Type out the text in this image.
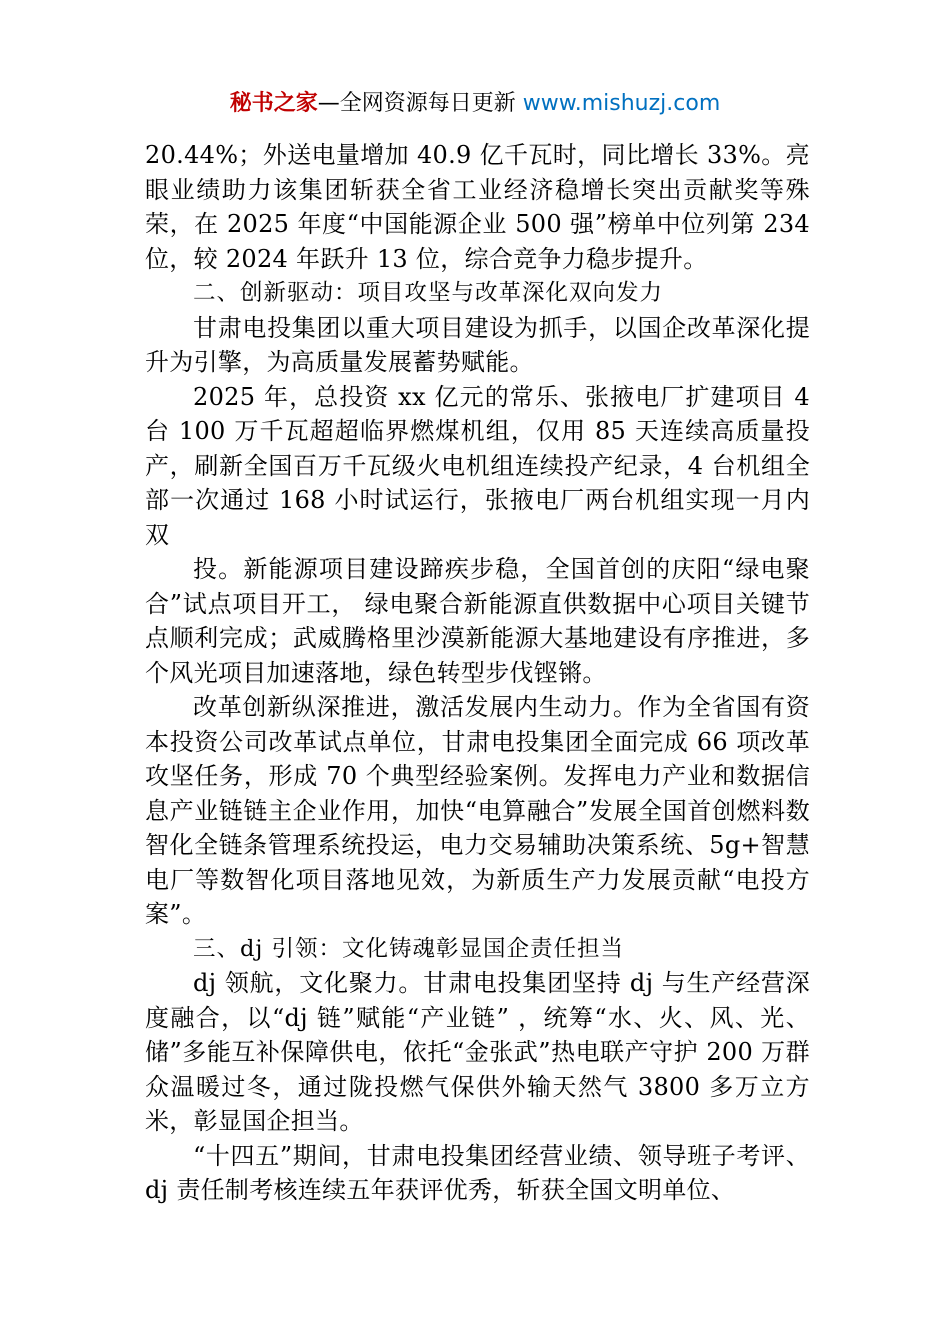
秘书之家—全网资源每日更新 www.mishuzj.com

20.44%；外送电量增加 40.9 亿千瓦时，同比增长 33%。亮眼业绩助力该集团斩获全省工业经济稳增长突出贡献奖等殊荣，在 2025 年度“中国能源企业 500 强”榜单中位列第 234 位，较 2024 年跃升 13 位，综合竞争力稳步提升。

二、创新驱动：项目攻坚与改革深化双向发力

甘肃电投集团以重大项目建设为抓手，以国企改革深化提升为引擎，为高质量发展蓄势赋能。

2025 年，总投资 xx 亿元的常乐、张掖电厂扩建项目 4 台 100 万千瓦超超临界燃煤机组，仅用 85 天连续高质量投产，刷新全国百万千瓦级火电机组连续投产纪录，4 台机组全部一次通过 168 小时试运行，张掖电厂两台机组实现一月内双

投。新能源项目建设蹄疾步稳，全国首创的庆阳“绿电聚合”试点项目开工， 绿电聚合新能源直供数据中心项目关键节点顺利完成；武威腾格里沙漠新能源大基地建设有序推进，多个风光项目加速落地，绿色转型步伐铿锵。

改革创新纵深推进，激活发展内生动力。作为全省国有资本投资公司改革试点单位，甘肃电投集团全面完成 66 项改革攻坚任务，形成 70 个典型经验案例。发挥电力产业和数据信息产业链链主企业作用，加快“电算融合”发展全国首创燃料数智化全链条管理系统投运，电力交易辅助决策系统、5g+智慧电厂等数智化项目落地见效，为新质生产力发展贡献“电投方案”。

三、dj 引领：文化铸魂彰显国企责任担当

dj 领航，文化聚力。甘肃电投集团坚持 dj 与生产经营深度融合，以“dj 链”赋能“产业链” ，统筹“水、火、风、光、储”多能互补保障供电，依托“金张武”热电联产守护 200 万群众温暖过冬，通过陇投燃气保供外输天然气 3800 多万立方米，彰显国企担当。

“十四五”期间，甘肃电投集团经营业绩、领导班子考评、dj 责任制考核连续五年获评优秀，斩获全国文明单位、
